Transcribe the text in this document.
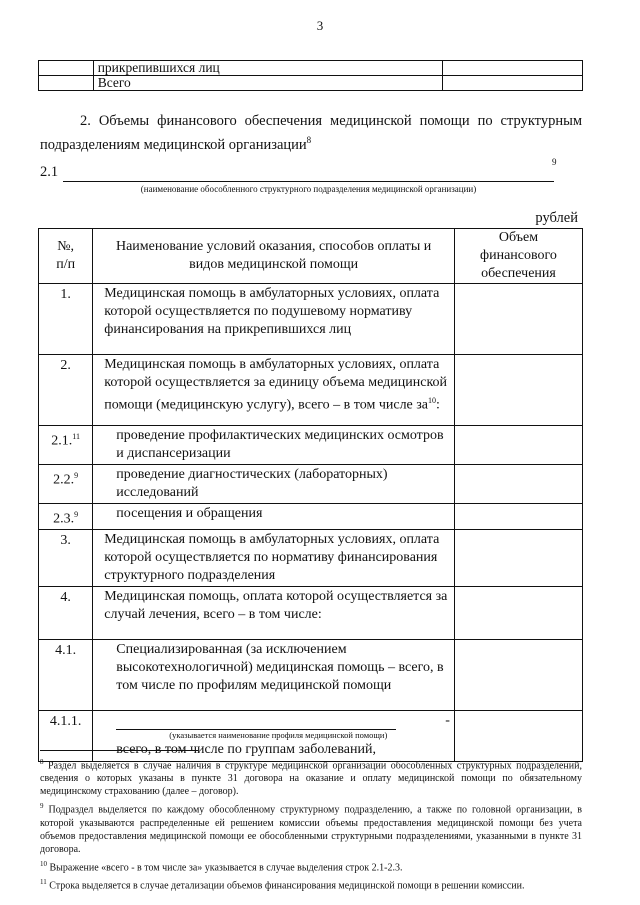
3
	прикрепившихся лиц	
	Всего	
2. Объемы финансового обеспечения медицинской помощи по структурным подразделениям медицинской организации$^8$
2.1
9
(наименование обособленного структурного подразделения медицинской организации)
рублей
№,
п/п	Наименование условий оказания, способов оплаты и видов медицинской помощи	Объем финансового обеспечения
1.	Медицинская помощь в амбулаторных условиях, оплата которой осуществляется по подушевому нормативу финансирования на прикрепившихся лиц	
2.	Медицинская помощь в амбулаторных условиях, оплата которой осуществляется за единицу объема медицинской помощи (медицинскую услугу), всего – в том числе $за^{10}$:	
2.1.11	проведение профилактических медицинских осмотров и диспансеризации	
2.2.$^9$	проведение диагностических (лабораторных) исследований	
2.3.$^9$	посещения и обращения	
3.	Медицинская помощь в амбулаторных условиях, оплата которой осуществляется по нормативу финансирования структурного подразделения	
4.	Медицинская помощь, оплата которой осуществляется за случай лечения, всего – в том числе:	
4.1.	Специализированная (за исключением высокотехнологичной) медицинская помощь – всего, в том числе по профилям медицинской помощи	
4.1.1.	-
(указывается наименование профиля медицинской помощи)
всего, в том числе по группам заболеваний,	

$^8$ Раздел выделяется в случае наличия в структуре медицинской организации обособленных структурных подразделений, сведения о которых указаны в пункте 31 договора на оказание и оплату медицинской помощи по обязательному медицинскому страхованию (далее – договор).

$^9$ Подраздел выделяется по каждому обособленному структурному подразделению, а также по головной организации, в которой указываются распределенные ей решением комиссии объемы предоставления медицинской помощи без учета объемов предоставления медицинской помощи ее обособленными структурными подразделениями, указанными в пункте 31 договора.

$^{10}$ Выражение «всего - в том числе за» указывается в случае выделения строк 2.1-2.3.

$^{11}$ Строка выделяется в случае детализации объемов финансирования медицинской помощи в решении комиссии.
